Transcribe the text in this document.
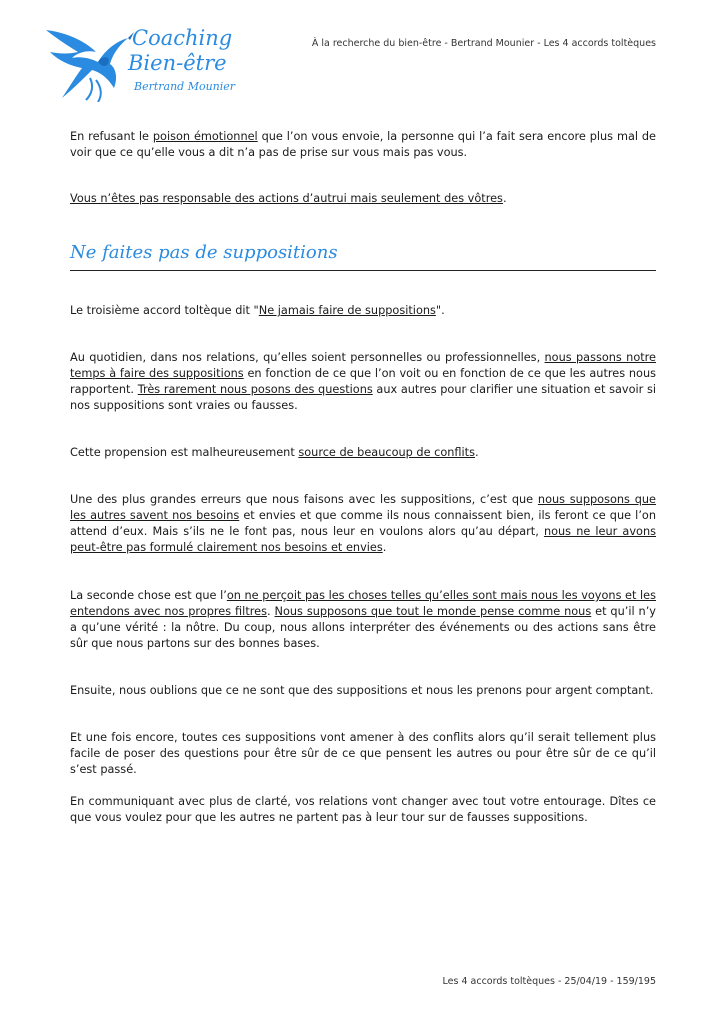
Coaching
Bien-être
Bertrand Mounier
À la recherche du bien-être - Bertrand Mounier - Les 4 accords toltèques

En refusant le poison émotionnel que l’on vous envoie, la personne qui l’a fait sera encore plus mal de voir que ce qu’elle vous a dit n’a pas de prise sur vous mais pas vous.

Vous n’êtes pas responsable des actions d’autrui mais seulement des vôtres.

Ne faites pas de suppositions

Le troisième accord toltèque dit "Ne jamais faire de suppositions".

Au quotidien, dans nos relations, qu’elles soient personnelles ou professionnelles, nous passons notre temps à faire des suppositions en fonction de ce que l’on voit ou en fonction de ce que les autres nous rapportent. Très rarement nous posons des questions aux autres pour clarifier une situation et savoir si nos suppositions sont vraies ou fausses.

Cette propension est malheureusement source de beaucoup de conflits.

Une des plus grandes erreurs que nous faisons avec les suppositions, c’est que nous supposons que les autres savent nos besoins et envies et que comme ils nous connaissent bien, ils feront ce que l’on attend d’eux. Mais s’ils ne le font pas, nous leur en voulons alors qu’au départ, nous ne leur avons peut-être pas formulé clairement nos besoins et envies.

La seconde chose est que l’on ne perçoit pas les choses telles qu’elles sont mais nous les voyons et les entendons avec nos propres filtres. Nous supposons que tout le monde pense comme nous et qu’il n’y a qu’une vérité : la nôtre. Du coup, nous allons interpréter des événements ou des actions sans être sûr que nous partons sur des bonnes bases.

Ensuite, nous oublions que ce ne sont que des suppositions et nous les prenons pour argent comptant.

Et une fois encore, toutes ces suppositions vont amener à des conflits alors qu’il serait tellement plus facile de poser des questions pour être sûr de ce que pensent les autres ou pour être sûr de ce qu’il s’est passé.

En communiquant avec plus de clarté, vos relations vont changer avec tout votre entourage. Dîtes ce que vous voulez pour que les autres ne partent pas à leur tour sur de fausses suppositions.

Les 4 accords toltèques - 25/04/19 - 159/195
